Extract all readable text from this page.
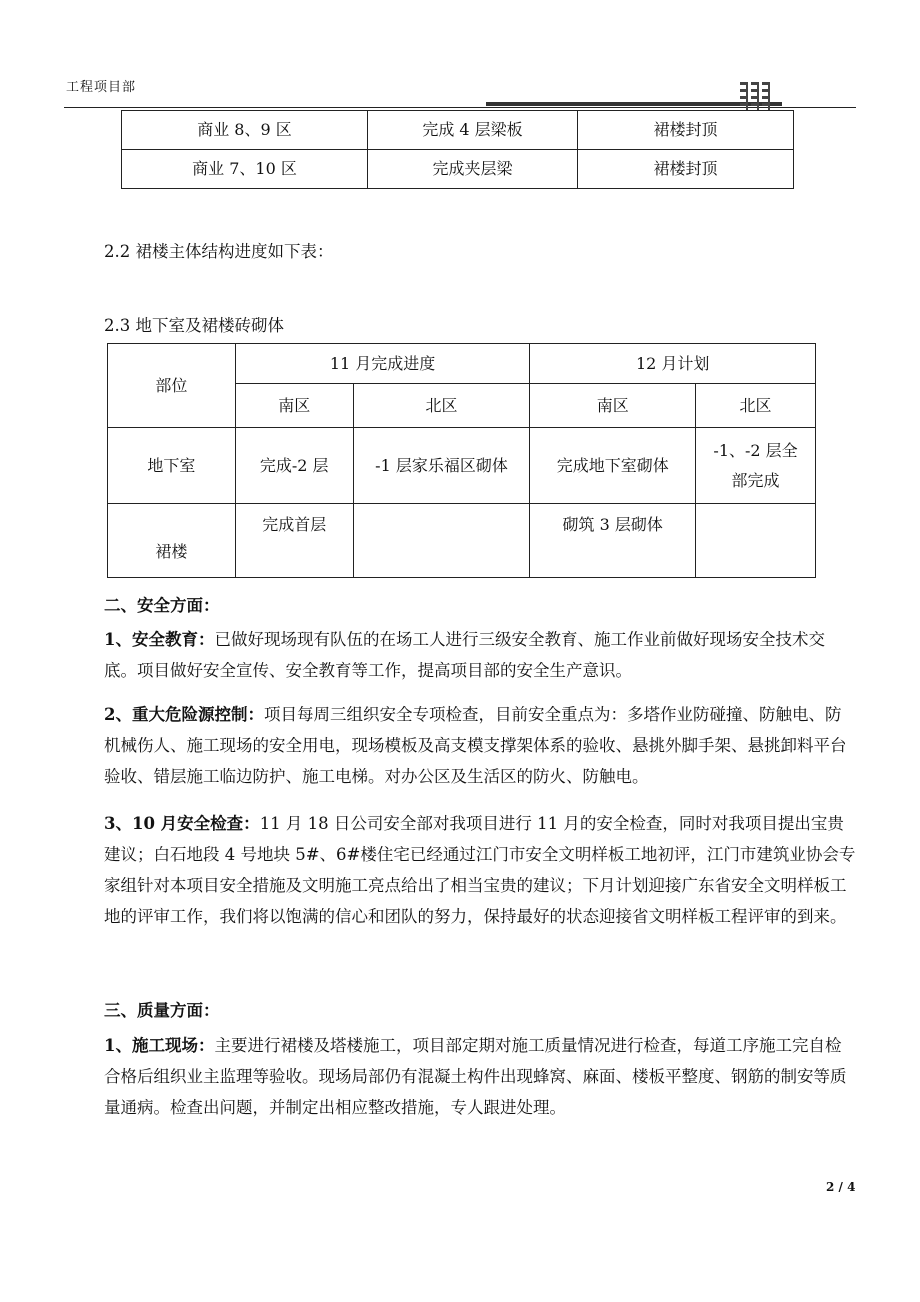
工程项目部
商业 8、9 区	完成 4 层梁板	裙楼封顶
商业 7、10 区	完成夹层梁	裙楼封顶
2.2 裙楼主体结构进度如下表：
2.3 地下室及裙楼砖砌体
部位	11 月完成进度		12 月计划	
	南区	北区	南区	北区
地下室	完成-2 层	-1 层家乐福区砌体	完成地下室砌体	-1、-2 层全
部完成

裙楼	完成首层		砌筑 3 层砌体	
二、安全方面：
1、安全教育：已做好现场现有队伍的在场工人进行三级安全教育、施工作业前做好现场安全技术交底。项目做好安全宣传、安全教育等工作，提高项目部的安全生产意识。
2、重大危险源控制：项目每周三组织安全专项检查，目前安全重点为：多塔作业防碰撞、防触电、防机械伤人、施工现场的安全用电，现场模板及高支模支撑架体系的验收、悬挑外脚手架、悬挑卸料平台验收、错层施工临边防护、施工电梯。对办公区及生活区的防火、防触电。
3、10 月安全检查：11 月 18 日公司安全部对我项目进行 11 月的安全检查，同时对我项目提出宝贵建议；白石地段 4 号地块 5#、6#楼住宅已经通过江门市安全文明样板工地初评，江门市建筑业协会专家组针对本项目安全措施及文明施工亮点给出了相当宝贵的建议；下月计划迎接广东省安全文明样板工地的评审工作，我们将以饱满的信心和团队的努力，保持最好的状态迎接省文明样板工程评审的到来。
三、质量方面：
1、施工现场：主要进行裙楼及塔楼施工，项目部定期对施工质量情况进行检查，每道工序施工完自检合格后组织业主监理等验收。现场局部仍有混凝土构件出现蜂窝、麻面、楼板平整度、钢筋的制安等质量通病。检查出问题，并制定出相应整改措施，专人跟进处理。
2 / 4
